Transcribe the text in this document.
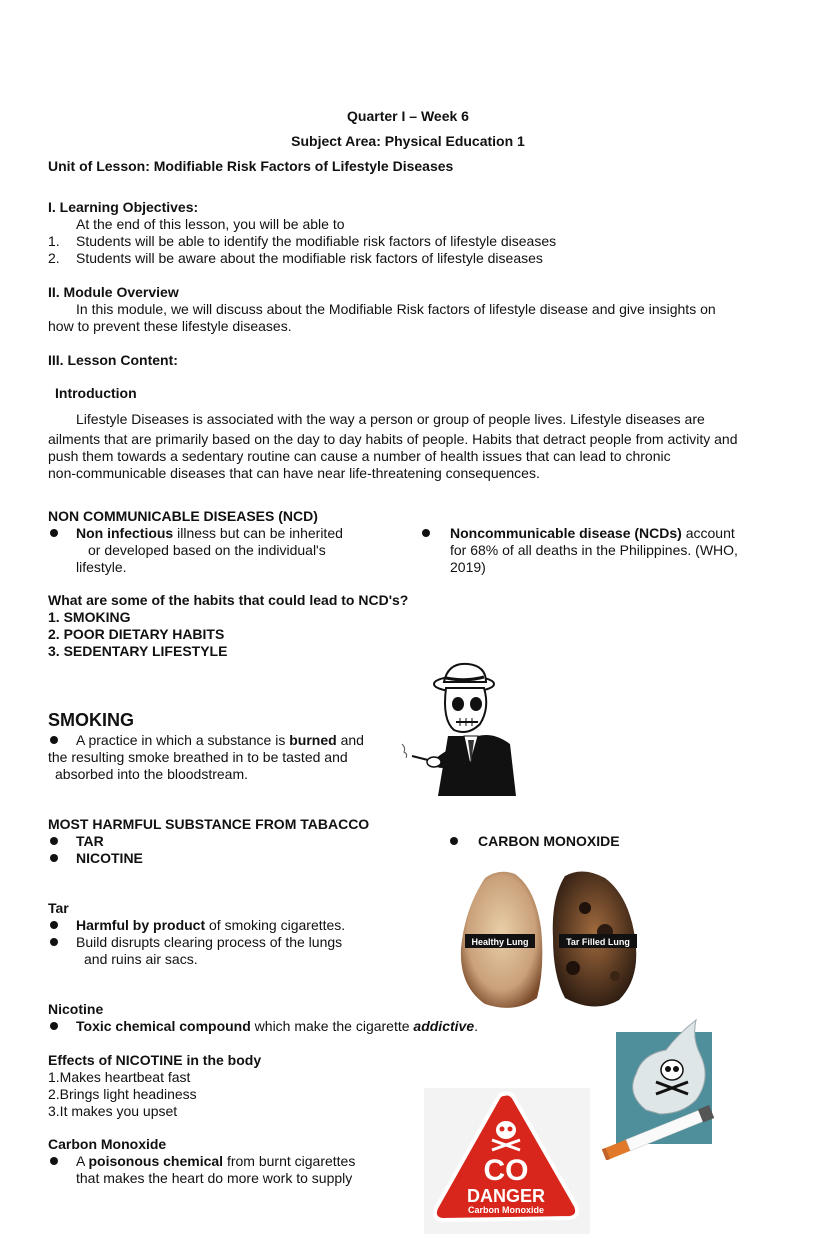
Quarter I – Week 6
Subject Area: Physical Education 1
Unit of Lesson: Modifiable Risk Factors of Lifestyle Diseases
I. Learning Objectives:
At the end of this lesson, you will be able to
1. Students will be able to identify the modifiable risk factors of lifestyle diseases
2. Students will be aware about the modifiable risk factors of lifestyle diseases
II. Module Overview
In this module, we will discuss about the Modifiable Risk factors of lifestyle disease and give insights on
how to prevent these lifestyle diseases.
III. Lesson Content:
Introduction
Lifestyle Diseases is associated with the way a person or group of people lives. Lifestyle diseases are
ailments that are primarily based on the day to day habits of people. Habits that detract people from activity and
push them towards a sedentary routine can cause a number of health issues that can lead to chronic
non-communicable diseases that can have near life-threatening consequences.
NON COMMUNICABLE DISEASES (NCD)
Non infectious illness but can be inherited
or developed based on the individual's
lifestyle.
Noncommunicable disease (NCDs) account
for 68% of all deaths in the Philippines. (WHO,
2019)
What are some of the habits that could lead to NCD's?
1. SMOKING
2. POOR DIETARY HABITS
3. SEDENTARY LIFESTYLE
SMOKING
A practice in which a substance is burned and
the resulting smoke breathed in to be tasted and
absorbed into the bloodstream.
MOST HARMFUL SUBSTANCE FROM TABACCO
TAR
NICOTINE
CARBON MONOXIDE
Tar
Harmful by product of smoking cigarettes.
Build disrupts clearing process of the lungs
and ruins air sacs.
Healthy Lung	Tar Filled Lung
Nicotine
Toxic chemical compound which make the cigarette addictive.
Effects of NICOTINE in the body
1.Makes heartbeat fast
2.Brings light headiness
3.It makes you upset
Carbon Monoxide
A poisonous chemical from burnt cigarettes
that makes the heart do more work to supply	CO
DANGER
Carbon Monoxide
